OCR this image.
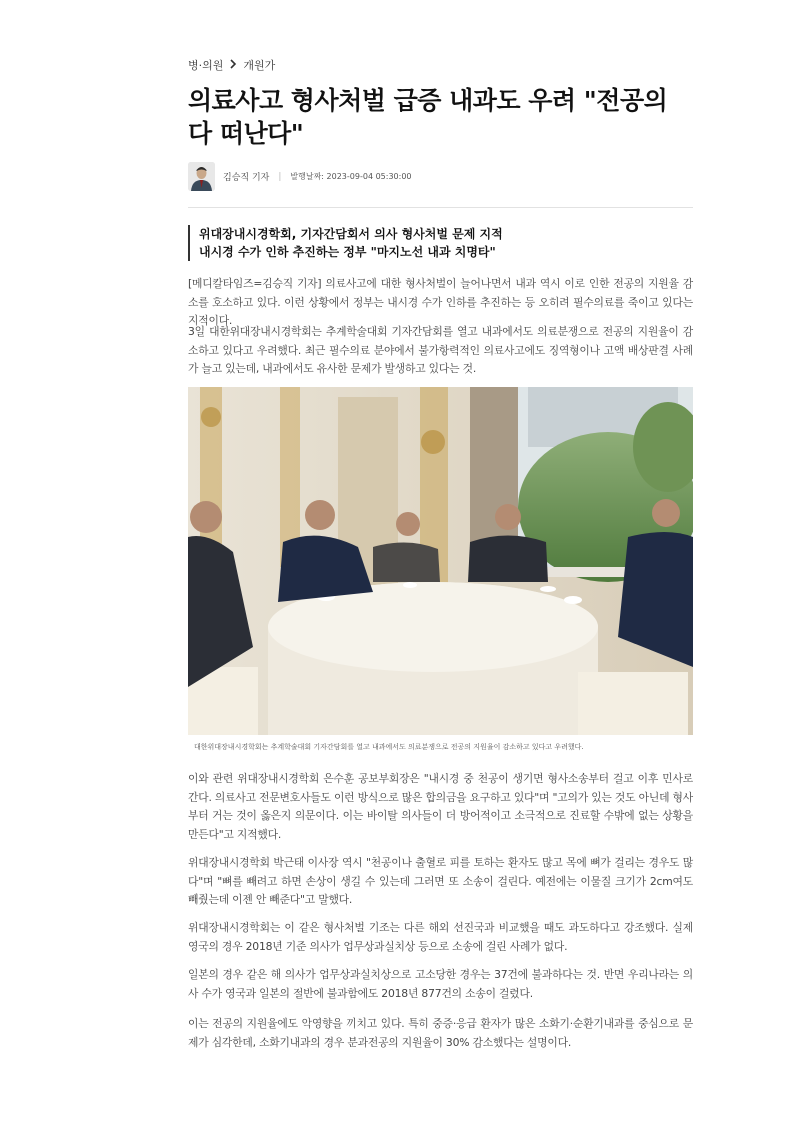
병·의원 개원가
의료사고 형사처벌 급증 내과도 우려 "전공의 다 떠난다"
김승직 기자 | 발행날짜: 2023-09-04 05:30:00
위대장내시경학회, 기자간담회서 의사 형사처벌 문제 지적
내시경 수가 인하 추진하는 정부 "마지노선 내과 치명타"

[메디칼타임즈=김승직 기자] 의료사고에 대한 형사처벌이 늘어나면서 내과 역시 이로 인한 전공의 지원율 감소를 호소하고 있다. 이런 상황에서 정부는 내시경 수가 인하를 추진하는 등 오히려 필수의료를 죽이고 있다는 지적이다.

3일 대한위대장내시경학회는 추계학술대회 기자간담회를 열고 내과에서도 의료분쟁으로 전공의 지원율이 감소하고 있다고 우려했다. 최근 필수의료 분야에서 불가항력적인 의료사고에도 징역형이나 고액 배상판결 사례가 늘고 있는데, 내과에서도 유사한 문제가 발생하고 있다는 것.

대한위대장내시경학회는 추계학술대회 기자간담회를 열고 내과에서도 의료분쟁으로 전공의 지원율이 감소하고 있다고 우려했다.

이와 관련 위대장내시경학회 은수훈 공보부회장은 "내시경 중 천공이 생기면 형사소송부터 걸고 이후 민사로 간다. 의료사고 전문변호사들도 이런 방식으로 많은 합의금을 요구하고 있다"며 "고의가 있는 것도 아닌데 형사부터 거는 것이 옳은지 의문이다. 이는 바이탈 의사들이 더 방어적이고 소극적으로 진료할 수밖에 없는 상황을 만든다"고 지적했다.

위대장내시경학회 박근태 이사장 역시 "천공이나 출혈로 피를 토하는 환자도 많고 목에 뼈가 걸리는 경우도 많다"며 "뼈를 빼려고 하면 손상이 생길 수 있는데 그러면 또 소송이 걸린다. 예전에는 이물질 크기가 2cm여도 빼줬는데 이젠 안 빼준다"고 말했다.

위대장내시경학회는 이 같은 형사처벌 기조는 다른 해외 선진국과 비교했을 때도 과도하다고 강조했다. 실제 영국의 경우 2018년 기준 의사가 업무상과실치상 등으로 소송에 걸린 사례가 없다.

일본의 경우 같은 해 의사가 업무상과실치상으로 고소당한 경우는 37건에 불과하다는 것. 반면 우리나라는 의사 수가 영국과 일본의 절반에 불과함에도 2018년 877건의 소송이 걸렸다.

이는 전공의 지원율에도 악영향을 끼치고 있다. 특히 중증·응급 환자가 많은 소화기·순환기내과를 중심으로 문제가 심각한데, 소화기내과의 경우 분과전공의 지원율이 30% 감소했다는 설명이다.
